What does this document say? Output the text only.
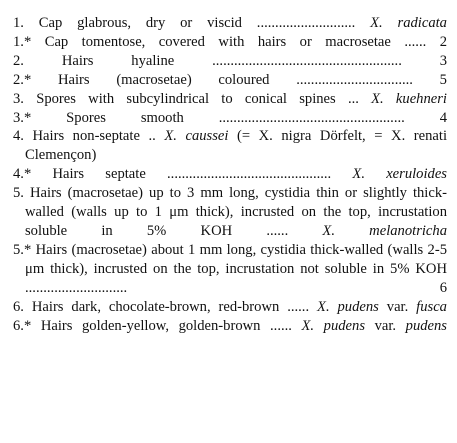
1. Cap glabrous, dry or viscid ........................... X. radicata
1.* Cap tomentose, covered with hairs or macrosetae ...... 2
2.	Hairs hyaline .................................................... 3
2.* Hairs (macrosetae) coloured ................................ 5
3. Spores with subcylindrical to conical spines ... X. kuehneri
3.* Spores smooth ................................................... 4
4. Hairs non-septate .. X. caussei (= X. nigra Dörfelt, = X. renati Clemençon)
4.* Hairs septate ............................................. X. xeruloides
5. Hairs (macrosetae) up to 3 mm long, cystidia thin or slightly thick-walled (walls up to 1 μm thick), incrusted on the top, incrustation soluble in 5% KOH ...... X. melanotricha
5.* Hairs (macrosetae) about 1 mm long, cystidia thick-walled (walls 2-5 μm thick), incrusted on the top, incrustation not soluble in 5% KOH ............................ 6
6. Hairs dark, chocolate-brown, red-brown ...... X. pudens var. fusca
6.* Hairs golden-yellow, golden-brown ...... X. pudens var. pudens
